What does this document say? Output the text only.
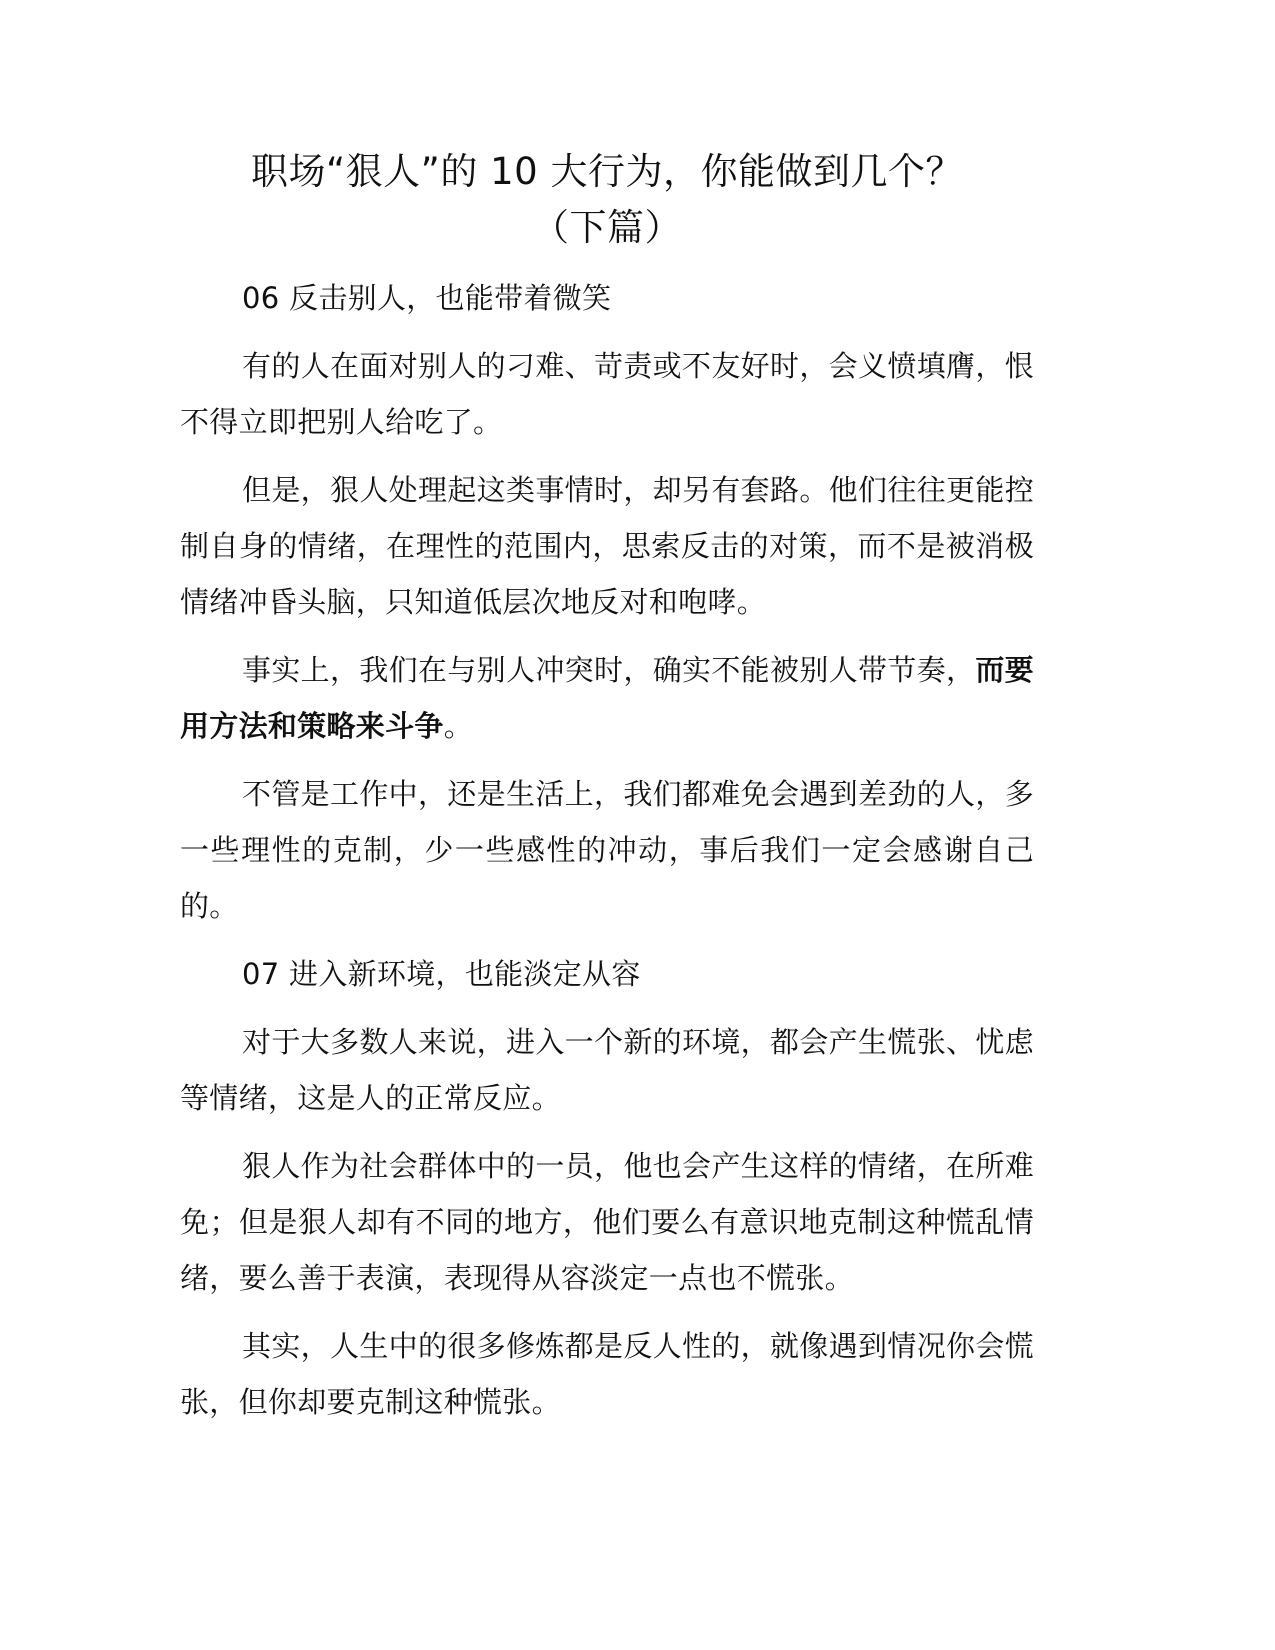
职场“狠人”的 10 大行为，你能做到几个？
（下篇）

06 反击别人，也能带着微笑

有的人在面对别人的刁难、苛责或不友好时，会义愤填膺，恨不得立即把别人给吃了。

但是，狠人处理起这类事情时，却另有套路。他们往往更能控制自身的情绪，在理性的范围内，思索反击的对策，而不是被消极情绪冲昏头脑，只知道低层次地反对和咆哮。

事实上，我们在与别人冲突时，确实不能被别人带节奏，而要用方法和策略来斗争。

不管是工作中，还是生活上，我们都难免会遇到差劲的人，多一些理性的克制，少一些感性的冲动，事后我们一定会感谢自己的。

07 进入新环境，也能淡定从容

对于大多数人来说，进入一个新的环境，都会产生慌张、忧虑等情绪，这是人的正常反应。

狠人作为社会群体中的一员，他也会产生这样的情绪，在所难免；但是狠人却有不同的地方，他们要么有意识地克制这种慌乱情绪，要么善于表演，表现得从容淡定一点也不慌张。

其实，人生中的很多修炼都是反人性的，就像遇到情况你会慌张，但你却要克制这种慌张。
